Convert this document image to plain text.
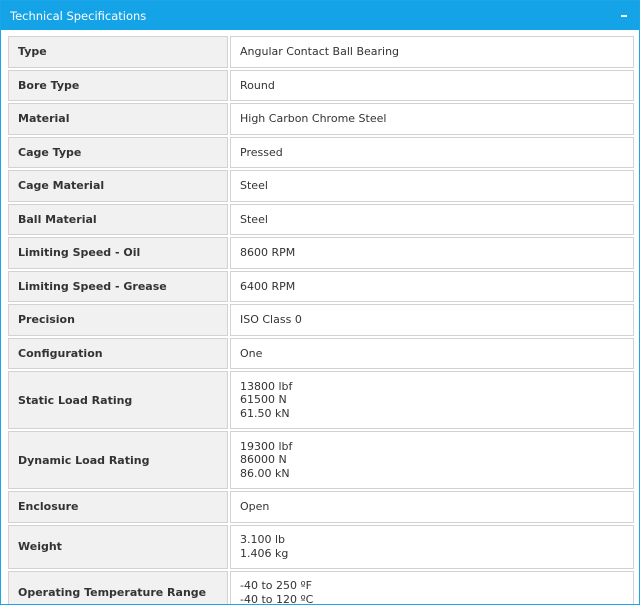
Technical Specifications
Type	Angular Contact Ball Bearing

Bore Type	Round

Material	High Carbon Chrome Steel

Cage Type	Pressed

Cage Material	Steel

Ball Material	Steel

Limiting Speed - Oil	8600 RPM

Limiting Speed - Grease	6400 RPM

Precision	ISO Class 0

Configuration	One

Static Load Rating	13800 lbf
61500 N
61.50 kN

Dynamic Load Rating	19300 lbf
86000 N
86.00 kN

Enclosure	Open

Weight	3.100 lb
1.406 kg

Operating Temperature Range	-40 to 250 ºF
-40 to 120 ºC
